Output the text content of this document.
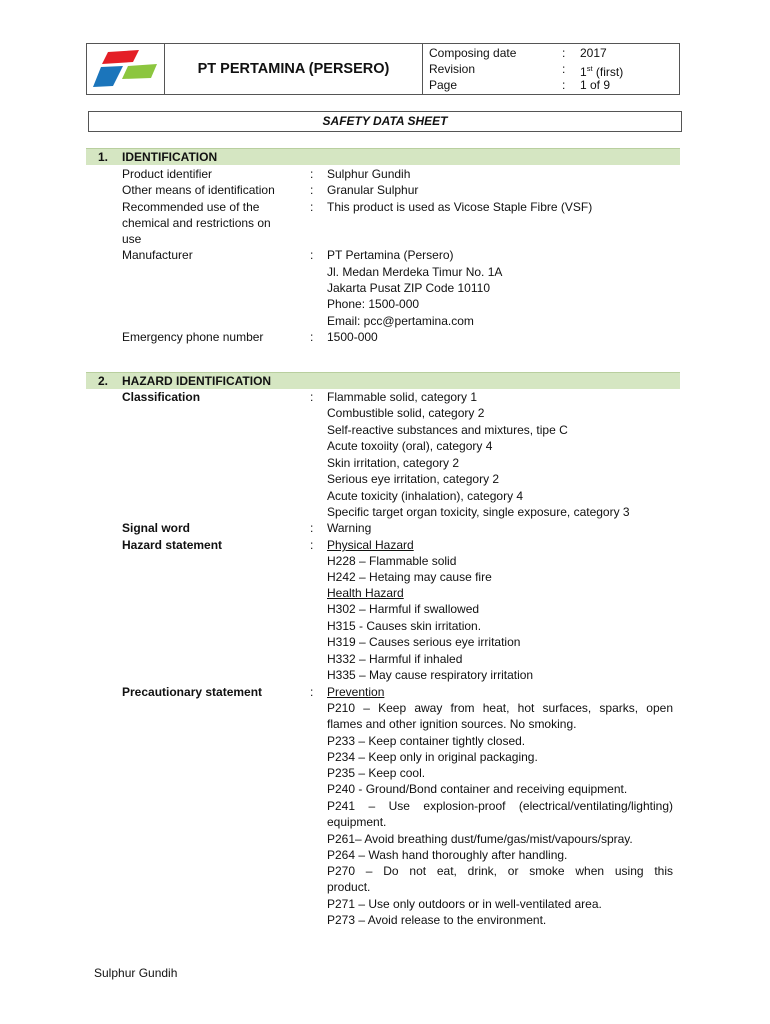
PT PERTAMINA (PERSERO)
Composing date	: 2017
Revision	: 1st (first)
Page	: 1 of 9
SAFETY DATA SHEET
1. IDENTIFICATION
Product identifier	: Sulphur Gundih
Other means of identification	: Granular Sulphur
Recommended use of the
chemical and restrictions on
use
: This product is used as Vicose Staple Fibre (VSF)
Manufacturer	: PT Pertamina (Persero)
Jl. Medan Merdeka Timur No. 1A
Jakarta Pusat ZIP Code 10110
Phone: 1500-000
Email: pcc@pertamina.com
Emergency phone number	: 1500-000
2. HAZARD IDENTIFICATION
Classification	: Flammable solid, category 1
Combustible solid, category 2
Self-reactive substances and mixtures, tipe C
Acute toxoiity (oral), category 4
Skin irritation, category 2
Serious eye irritation, category 2
Acute toxicity (inhalation), category 4
Specific target organ toxicity, single exposure, category 3
Signal word	: Warning
Hazard statement	: Physical Hazard
H228 – Flammable solid
H242 – Hetaing may cause fire
Health Hazard
H302 – Harmful if swallowed
H315 - Causes skin irritation.
H319 – Causes serious eye irritation
H332 – Harmful if inhaled
H335 – May cause respiratory irritation
Precautionary statement	: Prevention
P210 – Keep away from heat, hot surfaces, sparks, open
flames and other ignition sources. No smoking.
P233 – Keep container tightly closed.
P234 – Keep only in original packaging.
P235 – Keep cool.
P240 - Ground/Bond container and receiving equipment.
P241 – Use explosion-proof (electrical/ventilating/lighting)
equipment.
P261– Avoid breathing dust/fume/gas/mist/vapours/spray.
P264 – Wash hand thoroughly after handling.
P270 – Do not eat, drink, or smoke when using this
product.
P271 – Use only outdoors or in well-ventilated area.
P273 – Avoid release to the environment.
Sulphur Gundih
